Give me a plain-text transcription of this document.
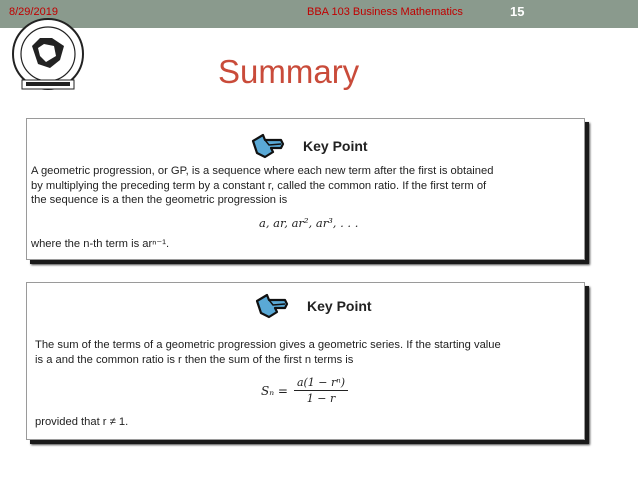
8/29/2019	BBA 103 Business Mathematics	15
Summary
Key Point
A geometric progression, or GP, is a sequence where each new term after the first is obtained
by multiplying the preceding term by a constant r, called the common ratio. If the first term of
the sequence is a then the geometric progression is
a, ar, ar², ar³, . . .
where the n-th term is arⁿ⁻¹.
Key Point
The sum of the terms of a geometric progression gives a geometric series. If the starting value
is a and the common ratio is r then the sum of the first n terms is
$S_n = \frac{\text{a(1 − rⁿ)}}{1 - r}$
provided that r ≠ 1.
